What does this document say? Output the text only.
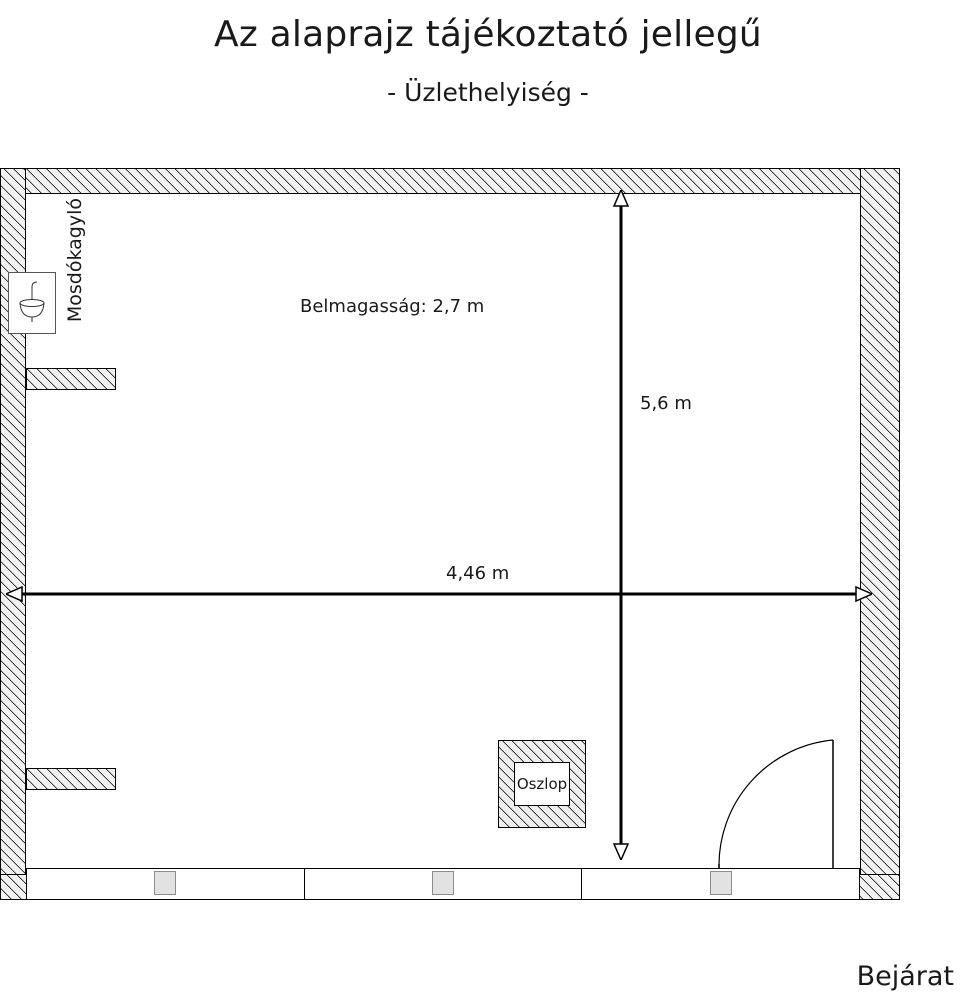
Az alaprajz tájékoztató jellegű
- Üzlethelyiség -
Oszlop
Mosdókagyló	Belmagasság: 2,7 m
5,6 m
4,46 m
Bejárat
